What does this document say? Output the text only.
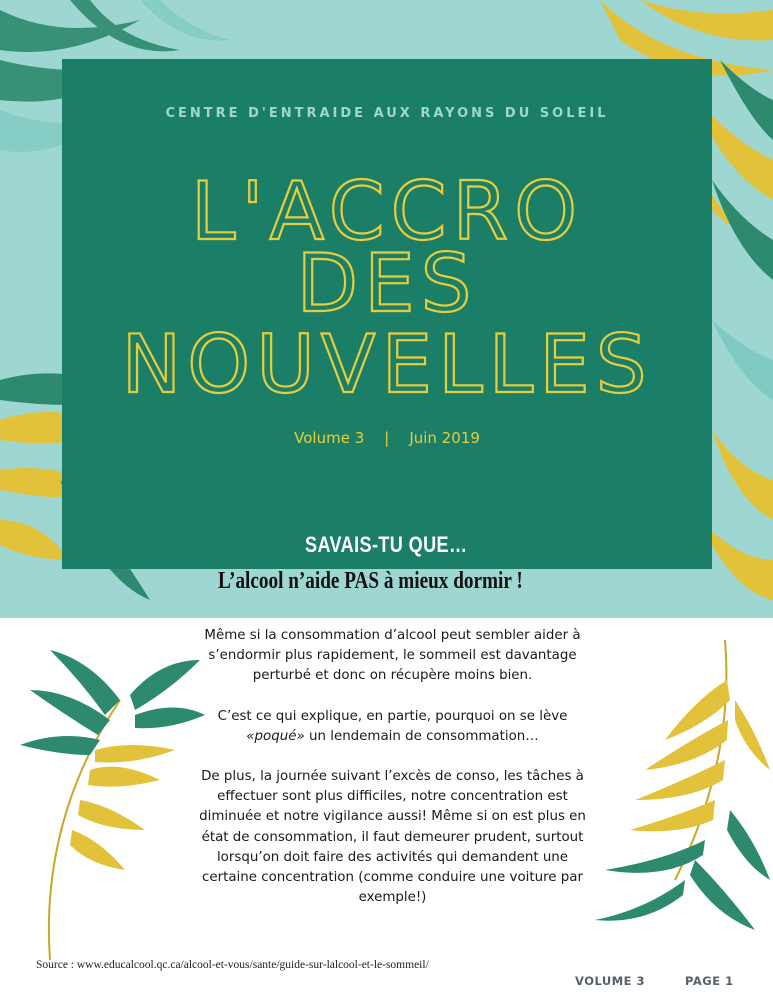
CENTRE D'ENTRAIDE AUX RAYONS DU SOLEIL
L'ACCRO
DES
NOUVELLES
Volume 3 | Juin 2019
SAVAIS-TU QUE…
L’alcool n’aide PAS à mieux dormir !

Même si la consommation d’alcool peut sembler aider à s’endormir plus rapidement, le sommeil est davantage perturbé et donc on récupère moins bien.

C’est ce qui explique, en partie, pourquoi on se lève «poqué» un lendemain de consommation…

De plus, la journée suivant l’excès de conso, les tâches à effectuer sont plus difficiles, notre concentration est diminuée et notre vigilance aussi! Même si on est plus en état de consommation, il faut demeurer prudent, surtout lorsqu’on doit faire des activités qui demandent une certaine concentration (comme conduire une voiture par exemple!)

Source : www.educalcool.qc.ca/alcool-et-vous/sante/guide-sur-lalcool-et-le-sommeil/
VOLUME 3	PAGE 1
